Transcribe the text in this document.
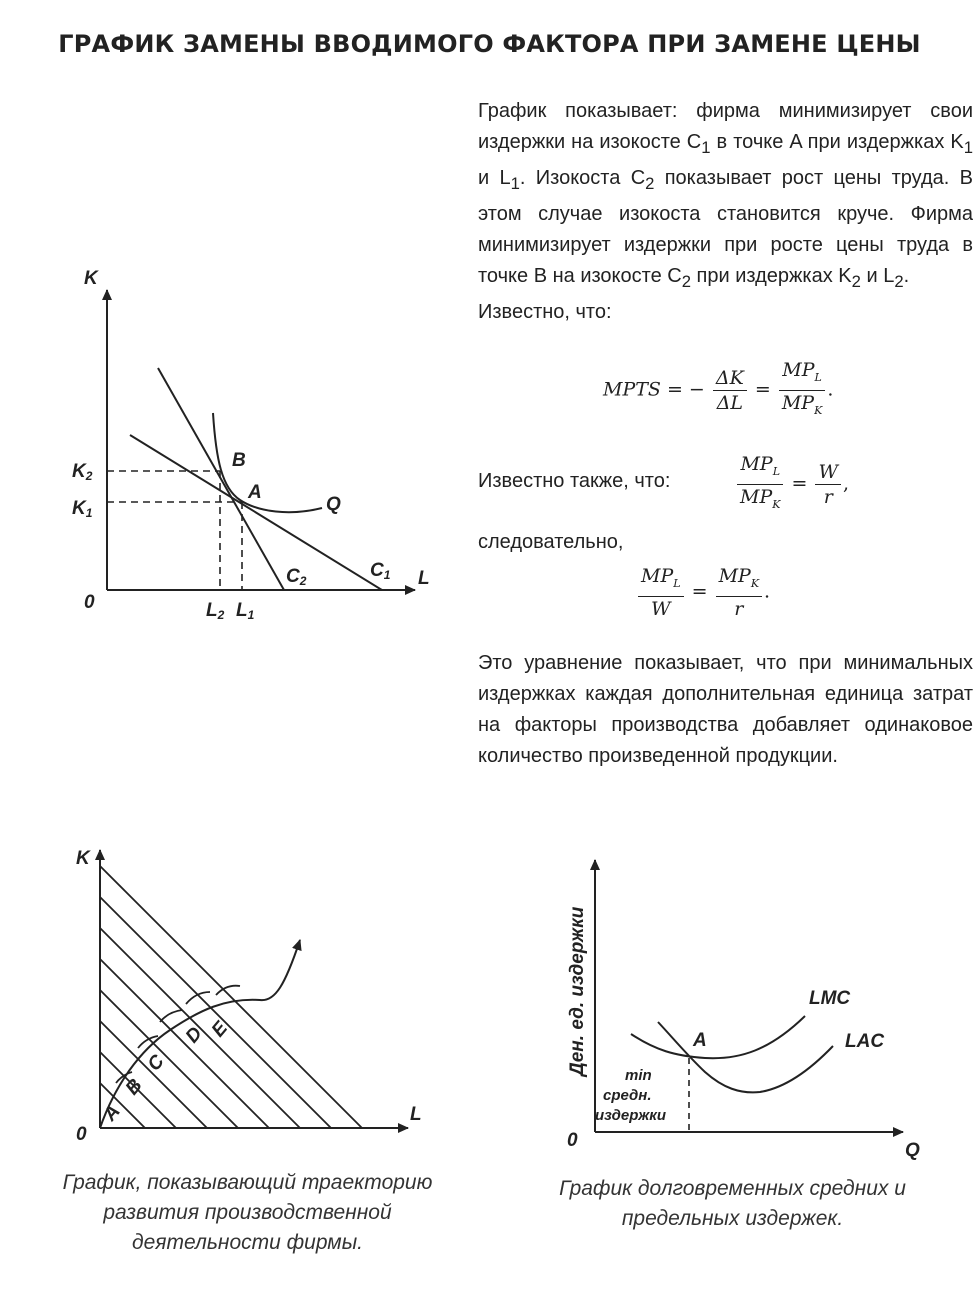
ГРАФИК ЗАМЕНЫ ВВОДИМОГО ФАКТОРА ПРИ ЗАМЕНЕ ЦЕНЫ

График показывает: фирма минимизирует свои издержки на изокосте $C_1$ в точке A при издержках $K_1$ и $L_1$. Изокоста $C_2$ показывает рост цены труда. В этом случае изокоста становится круче. Фирма минимизирует издержки при росте цены труда в точке B на изокосте $C_2$ при издержках $K_2$ и $L_2$.

Известно, что:

MPTS = − $\frac{\Delta K}{\Delta L} = \frac{MP_L}{MP_K}$ .
Известно также, что:	$\frac{MP_L}{MP_K} = \frac{W}{r}$ ,
следовательно,
$\frac{MP_L}{W} = \frac{MP_K}{r}$ .
Это уравнение показывает, что при минимальных издержках каждая дополнительная единица затрат на факторы производства добавляет одинаковое количество произведенной продукции.
K
L
0
B
A
Q
K2
K1
L2 L1
C2	C1
A
B
C
D E
K
L
0
График, показывающий траекторию развития производственной деятельности фирмы.
A
LMC
LAC
min
средн.
издержки
Ден. ед. издержки
Q
0
График долговременных средних и предельных издержек.
